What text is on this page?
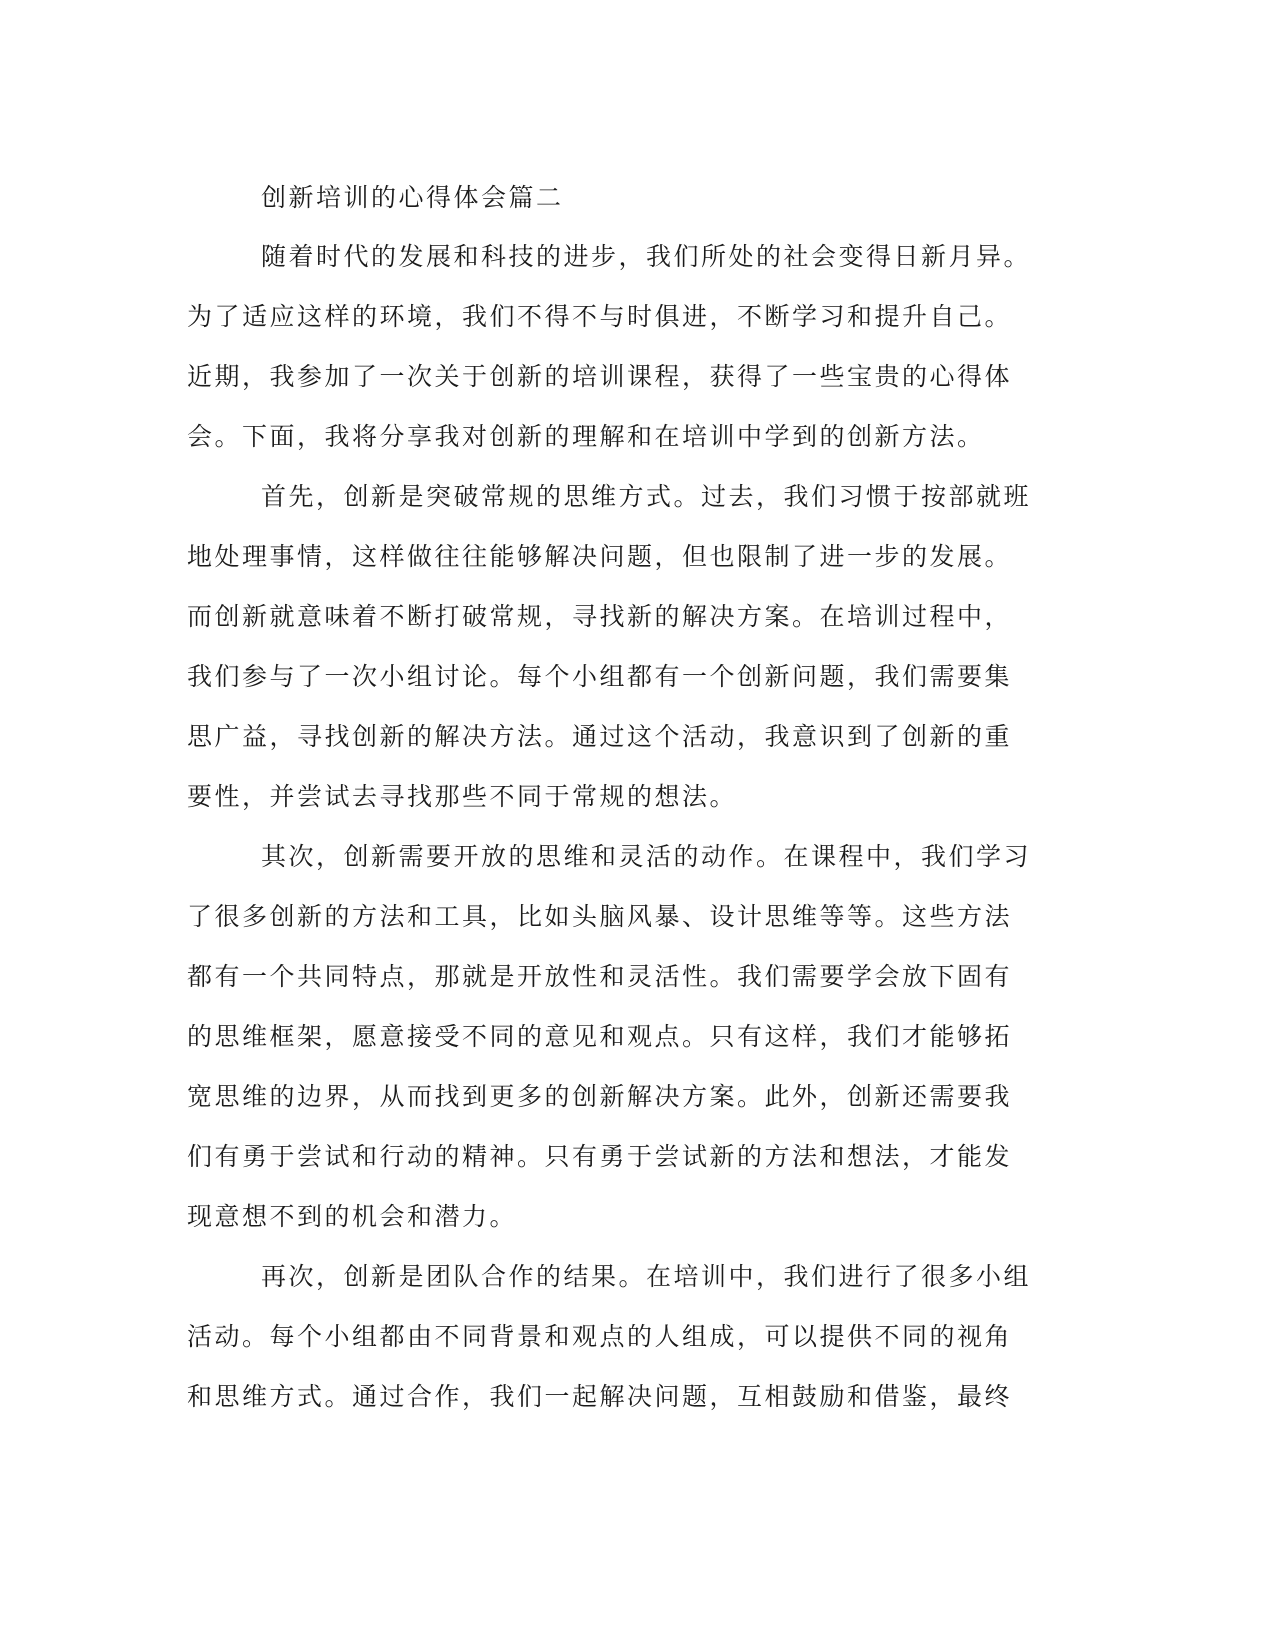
创新培训的心得体会篇二

随着时代的发展和科技的进步，我们所处的社会变得日新月异。
为了适应这样的环境，我们不得不与时俱进，不断学习和提升自己。
近期，我参加了一次关于创新的培训课程，获得了一些宝贵的心得体
会。下面，我将分享我对创新的理解和在培训中学到的创新方法。

首先，创新是突破常规的思维方式。过去，我们习惯于按部就班
地处理事情，这样做往往能够解决问题，但也限制了进一步的发展。
而创新就意味着不断打破常规，寻找新的解决方案。在培训过程中，
我们参与了一次小组讨论。每个小组都有一个创新问题，我们需要集
思广益，寻找创新的解决方法。通过这个活动，我意识到了创新的重
要性，并尝试去寻找那些不同于常规的想法。

其次，创新需要开放的思维和灵活的动作。在课程中，我们学习
了很多创新的方法和工具，比如头脑风暴、设计思维等等。这些方法
都有一个共同特点，那就是开放性和灵活性。我们需要学会放下固有
的思维框架，愿意接受不同的意见和观点。只有这样，我们才能够拓
宽思维的边界，从而找到更多的创新解决方案。此外，创新还需要我
们有勇于尝试和行动的精神。只有勇于尝试新的方法和想法，才能发
现意想不到的机会和潜力。

再次，创新是团队合作的结果。在培训中，我们进行了很多小组
活动。每个小组都由不同背景和观点的人组成，可以提供不同的视角
和思维方式。通过合作，我们一起解决问题，互相鼓励和借鉴，最终
